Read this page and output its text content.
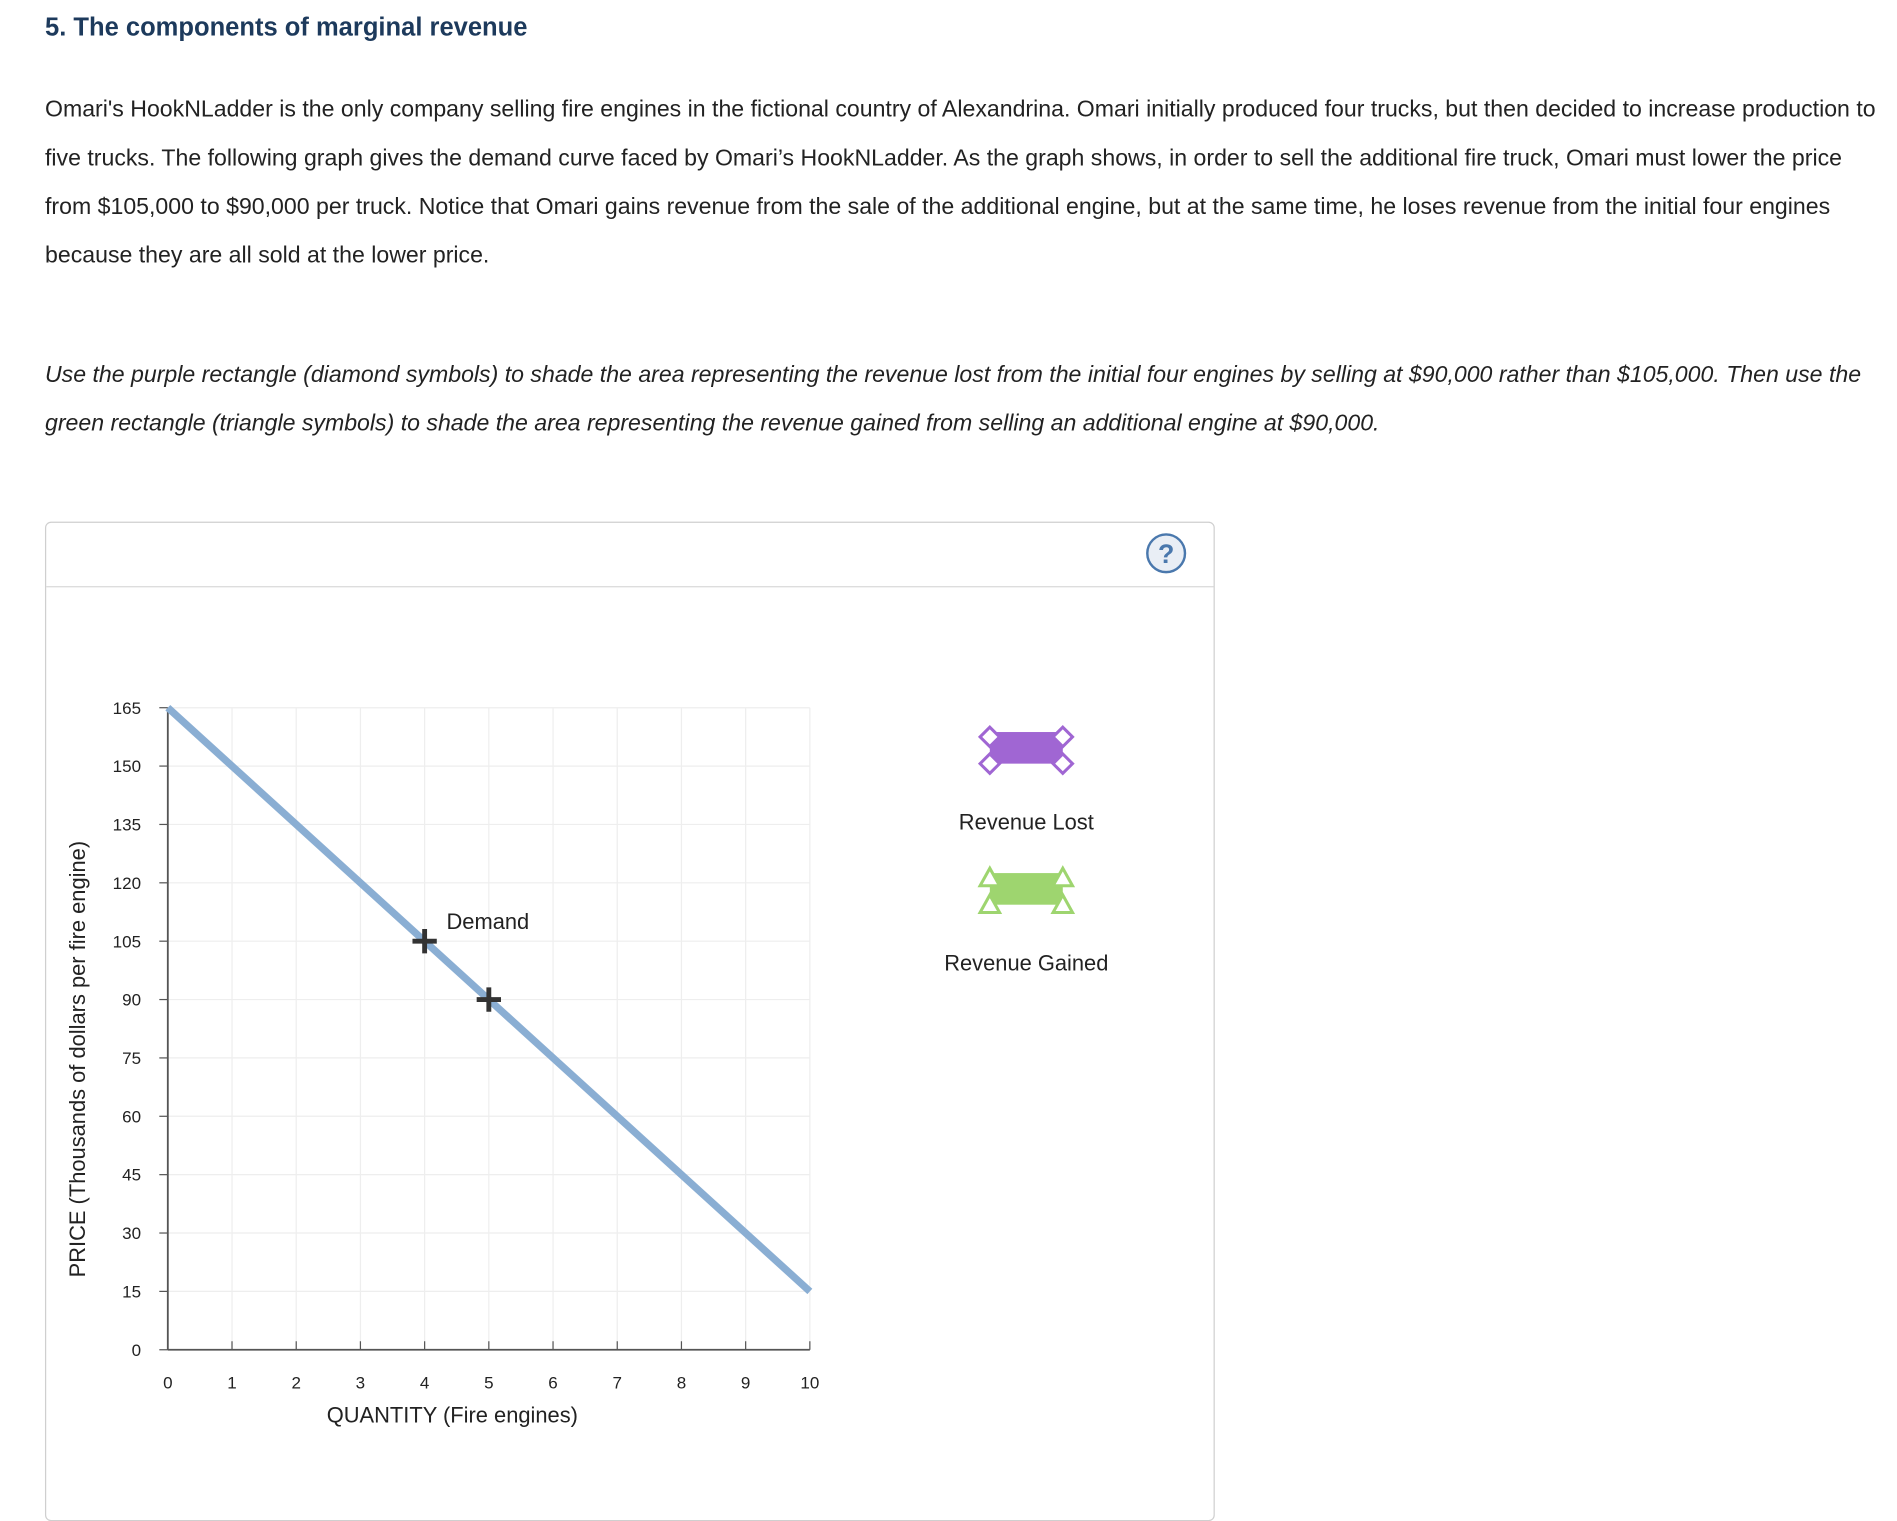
5. The components of marginal revenue

Omari's HookNLadder is the only company selling fire engines in the fictional country of Alexandrina. Omari initially produced four trucks, but then decided to increase production to five trucks. The following graph gives the demand curve faced by Omari’s HookNLadder. As the graph shows, in order to sell the additional fire truck, Omari must lower the price from $105,000 to $90,000 per truck. Notice that Omari gains revenue from the sale of the additional engine, but at the same time, he loses revenue from the initial four engines because they are all sold at the lower price.

Use the purple rectangle (diamond symbols) to shade the area representing the revenue lost from the initial four engines by selling at $90,000 rather than $105,000. Then use the green rectangle (triangle symbols) to shade the area representing the revenue gained from selling an additional engine at $90,000.

?
0	1	2	3	4	5	6	7	8	9	10
0
15
30
45
60
75
90
105
120
135
150
165
Demand
QUANTITY (Fire engines)
PRICE (Thousands of dollars per fire engine)
Revenue Lost
Revenue Gained
